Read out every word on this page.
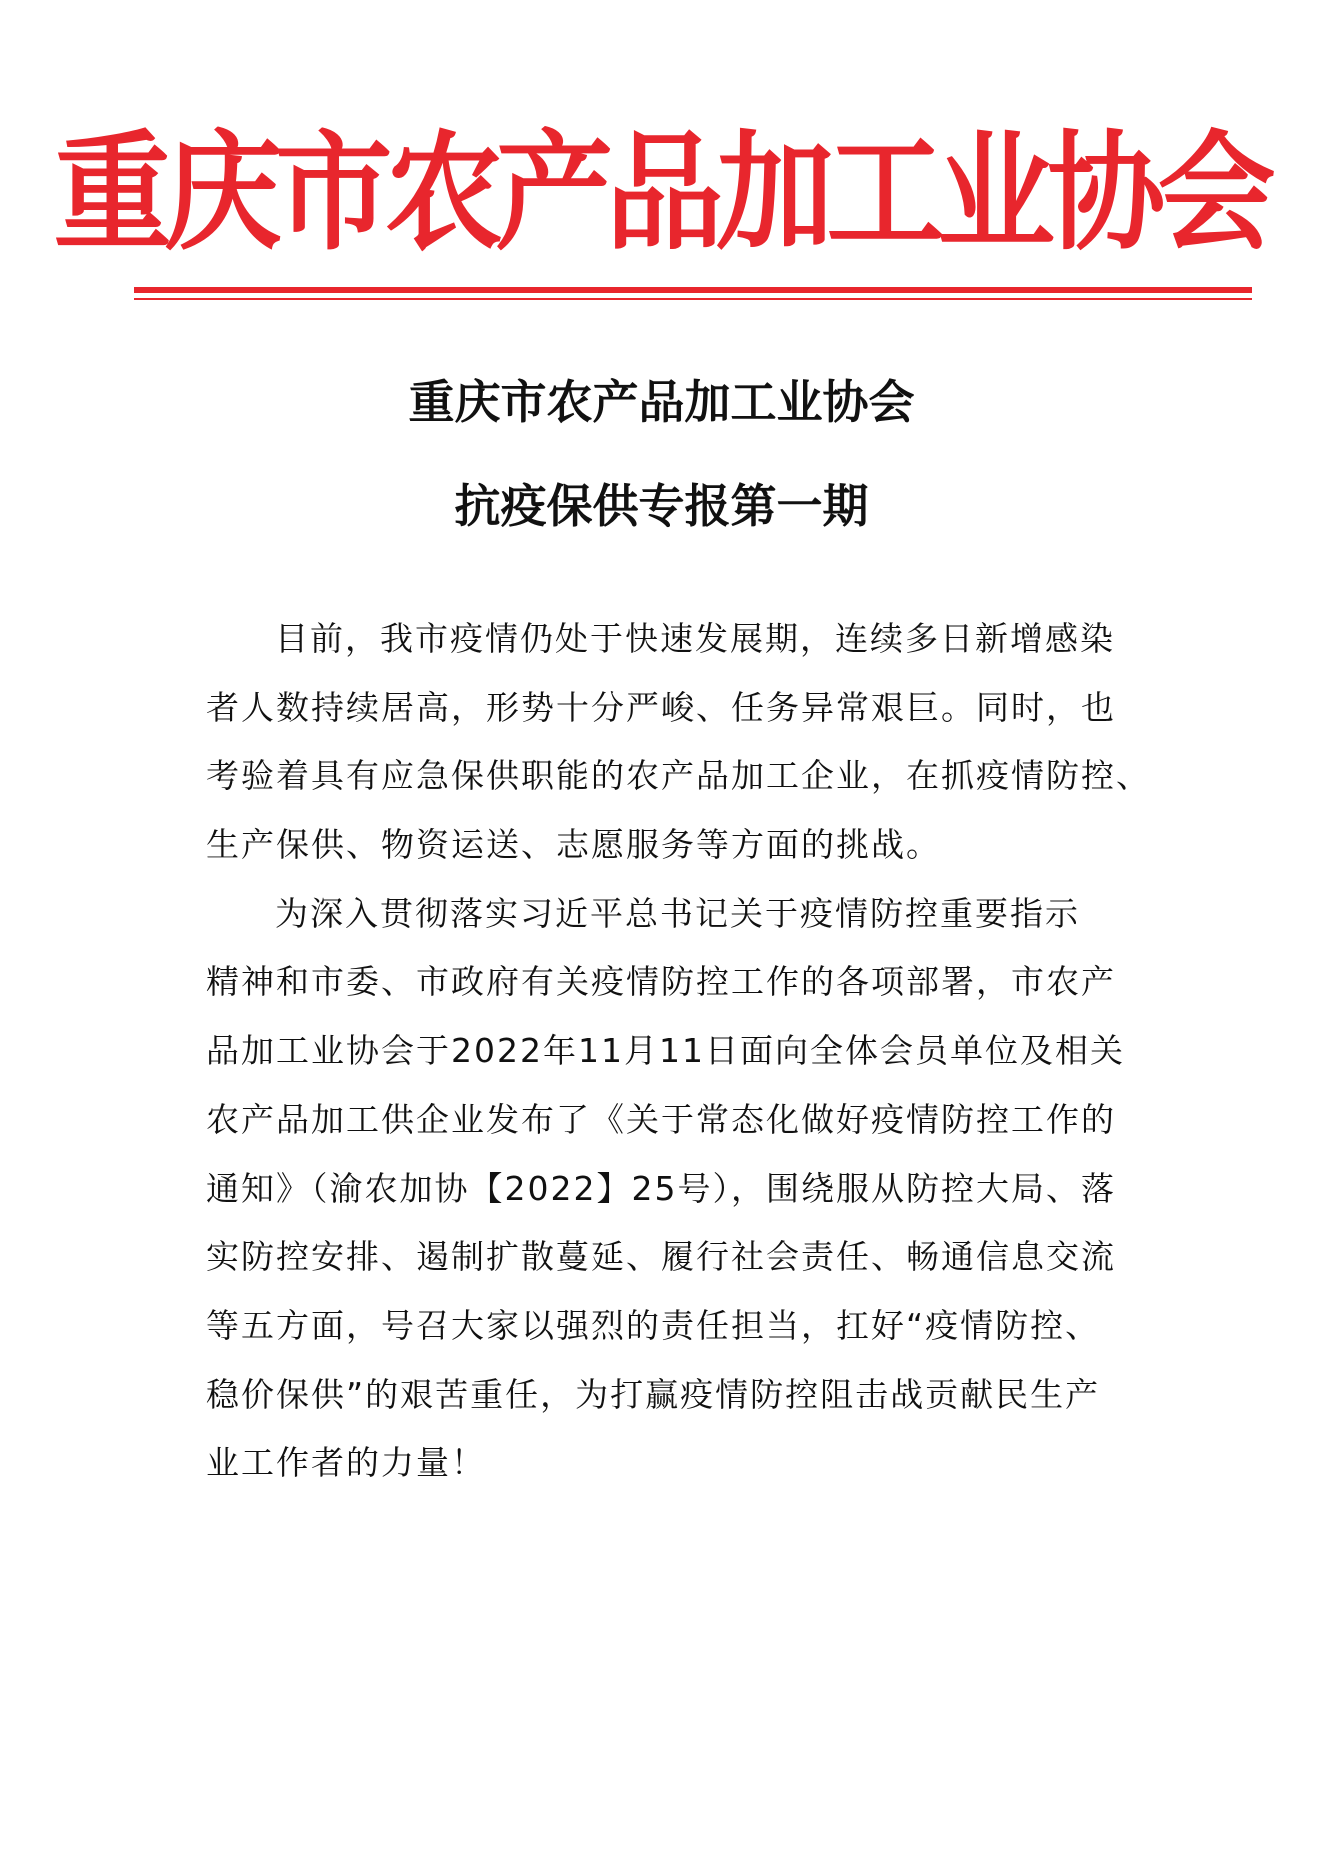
重庆市农产品加工业协会
重庆市农产品加工业协会
抗疫保供专报第一期
目前，我市疫情仍处于快速发展期，连续多日新增感染
者人数持续居高，形势十分严峻、任务异常艰巨。同时，也
考验着具有应急保供职能的农产品加工企业，在抓疫情防控、
生产保供、物资运送、志愿服务等方面的挑战。
为深入贯彻落实习近平总书记关于疫情防控重要指示
精神和市委、市政府有关疫情防控工作的各项部署，市农产
品加工业协会于2022年11月11日面向全体会员单位及相关
农产品加工供企业发布了《关于常态化做好疫情防控工作的
通知》（渝农加协【2022】25号），围绕服从防控大局、落
实防控安排、遏制扩散蔓延、履行社会责任、畅通信息交流
等五方面，号召大家以强烈的责任担当，扛好“疫情防控、
稳价保供”的艰苦重任，为打赢疫情防控阻击战贡献民生产
业工作者的力量！
